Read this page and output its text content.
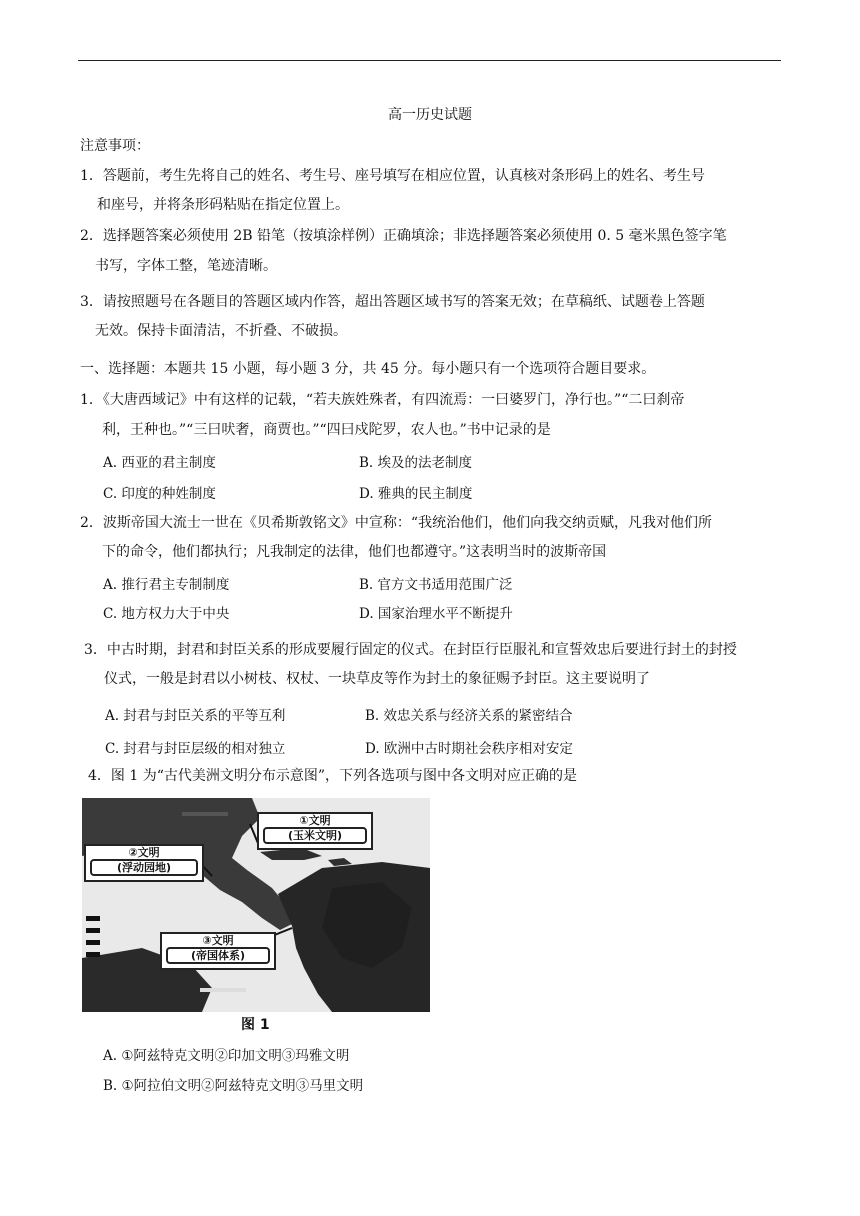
高一历史试题
注意事项：
1．答题前，考生先将自己的姓名、考生号、座号填写在相应位置，认真核对条形码上的姓名、考生号
和座号，并将条形码粘贴在指定位置上。
2．选择题答案必须使用 2B 铅笔（按填涂样例）正确填涂；非选择题答案必须使用 0. 5 毫米黑色签字笔
书写，字体工整，笔迹清晰。
3．请按照题号在各题目的答题区域内作答，超出答题区域书写的答案无效；在草稿纸、试题卷上答题
无效。保持卡面清洁，不折叠、不破损。
一、选择题：本题共 15 小题，每小题 3 分，共 45 分。每小题只有一个选项符合题目要求。
1．《大唐西域记》中有这样的记载，“若夫族姓殊者，有四流焉：一曰婆罗门，净行也。”“二曰刹帝
利，王种也。”“三曰吠奢，商贾也。”“四曰戍陀罗，农人也。”书中记录的是
A. 西亚的君主制度	B. 埃及的法老制度
C. 印度的种姓制度	D. 雅典的民主制度
2．波斯帝国大流士一世在《贝希斯敦铭文》中宣称：“我统治他们，他们向我交纳贡赋，凡我对他们所
下的命令，他们都执行；凡我制定的法律，他们也都遵守。”这表明当时的波斯帝国
A. 推行君主专制制度	B. 官方文书适用范围广泛
C. 地方权力大于中央	D. 国家治理水平不断提升
3．中古时期，封君和封臣关系的形成要履行固定的仪式。在封臣行臣服礼和宣誓效忠后要进行封土的封授
仪式，一般是封君以小树枝、权杖、一块草皮等作为封土的象征赐予封臣。这主要说明了
A. 封君与封臣关系的平等互利	B. 效忠关系与经济关系的紧密结合
C. 封君与封臣层级的相对独立	D. 欧洲中古时期社会秩序相对安定
4．图 1 为“古代美洲文明分布示意图”，下列各选项与图中各文明对应正确的是
①文明
(玉米文明)
②文明
(浮动园地)
③文明
(帝国体系)
图 1
A. ①阿兹特克文明②印加文明③玛雅文明
B. ①阿拉伯文明②阿兹特克文明③马里文明
